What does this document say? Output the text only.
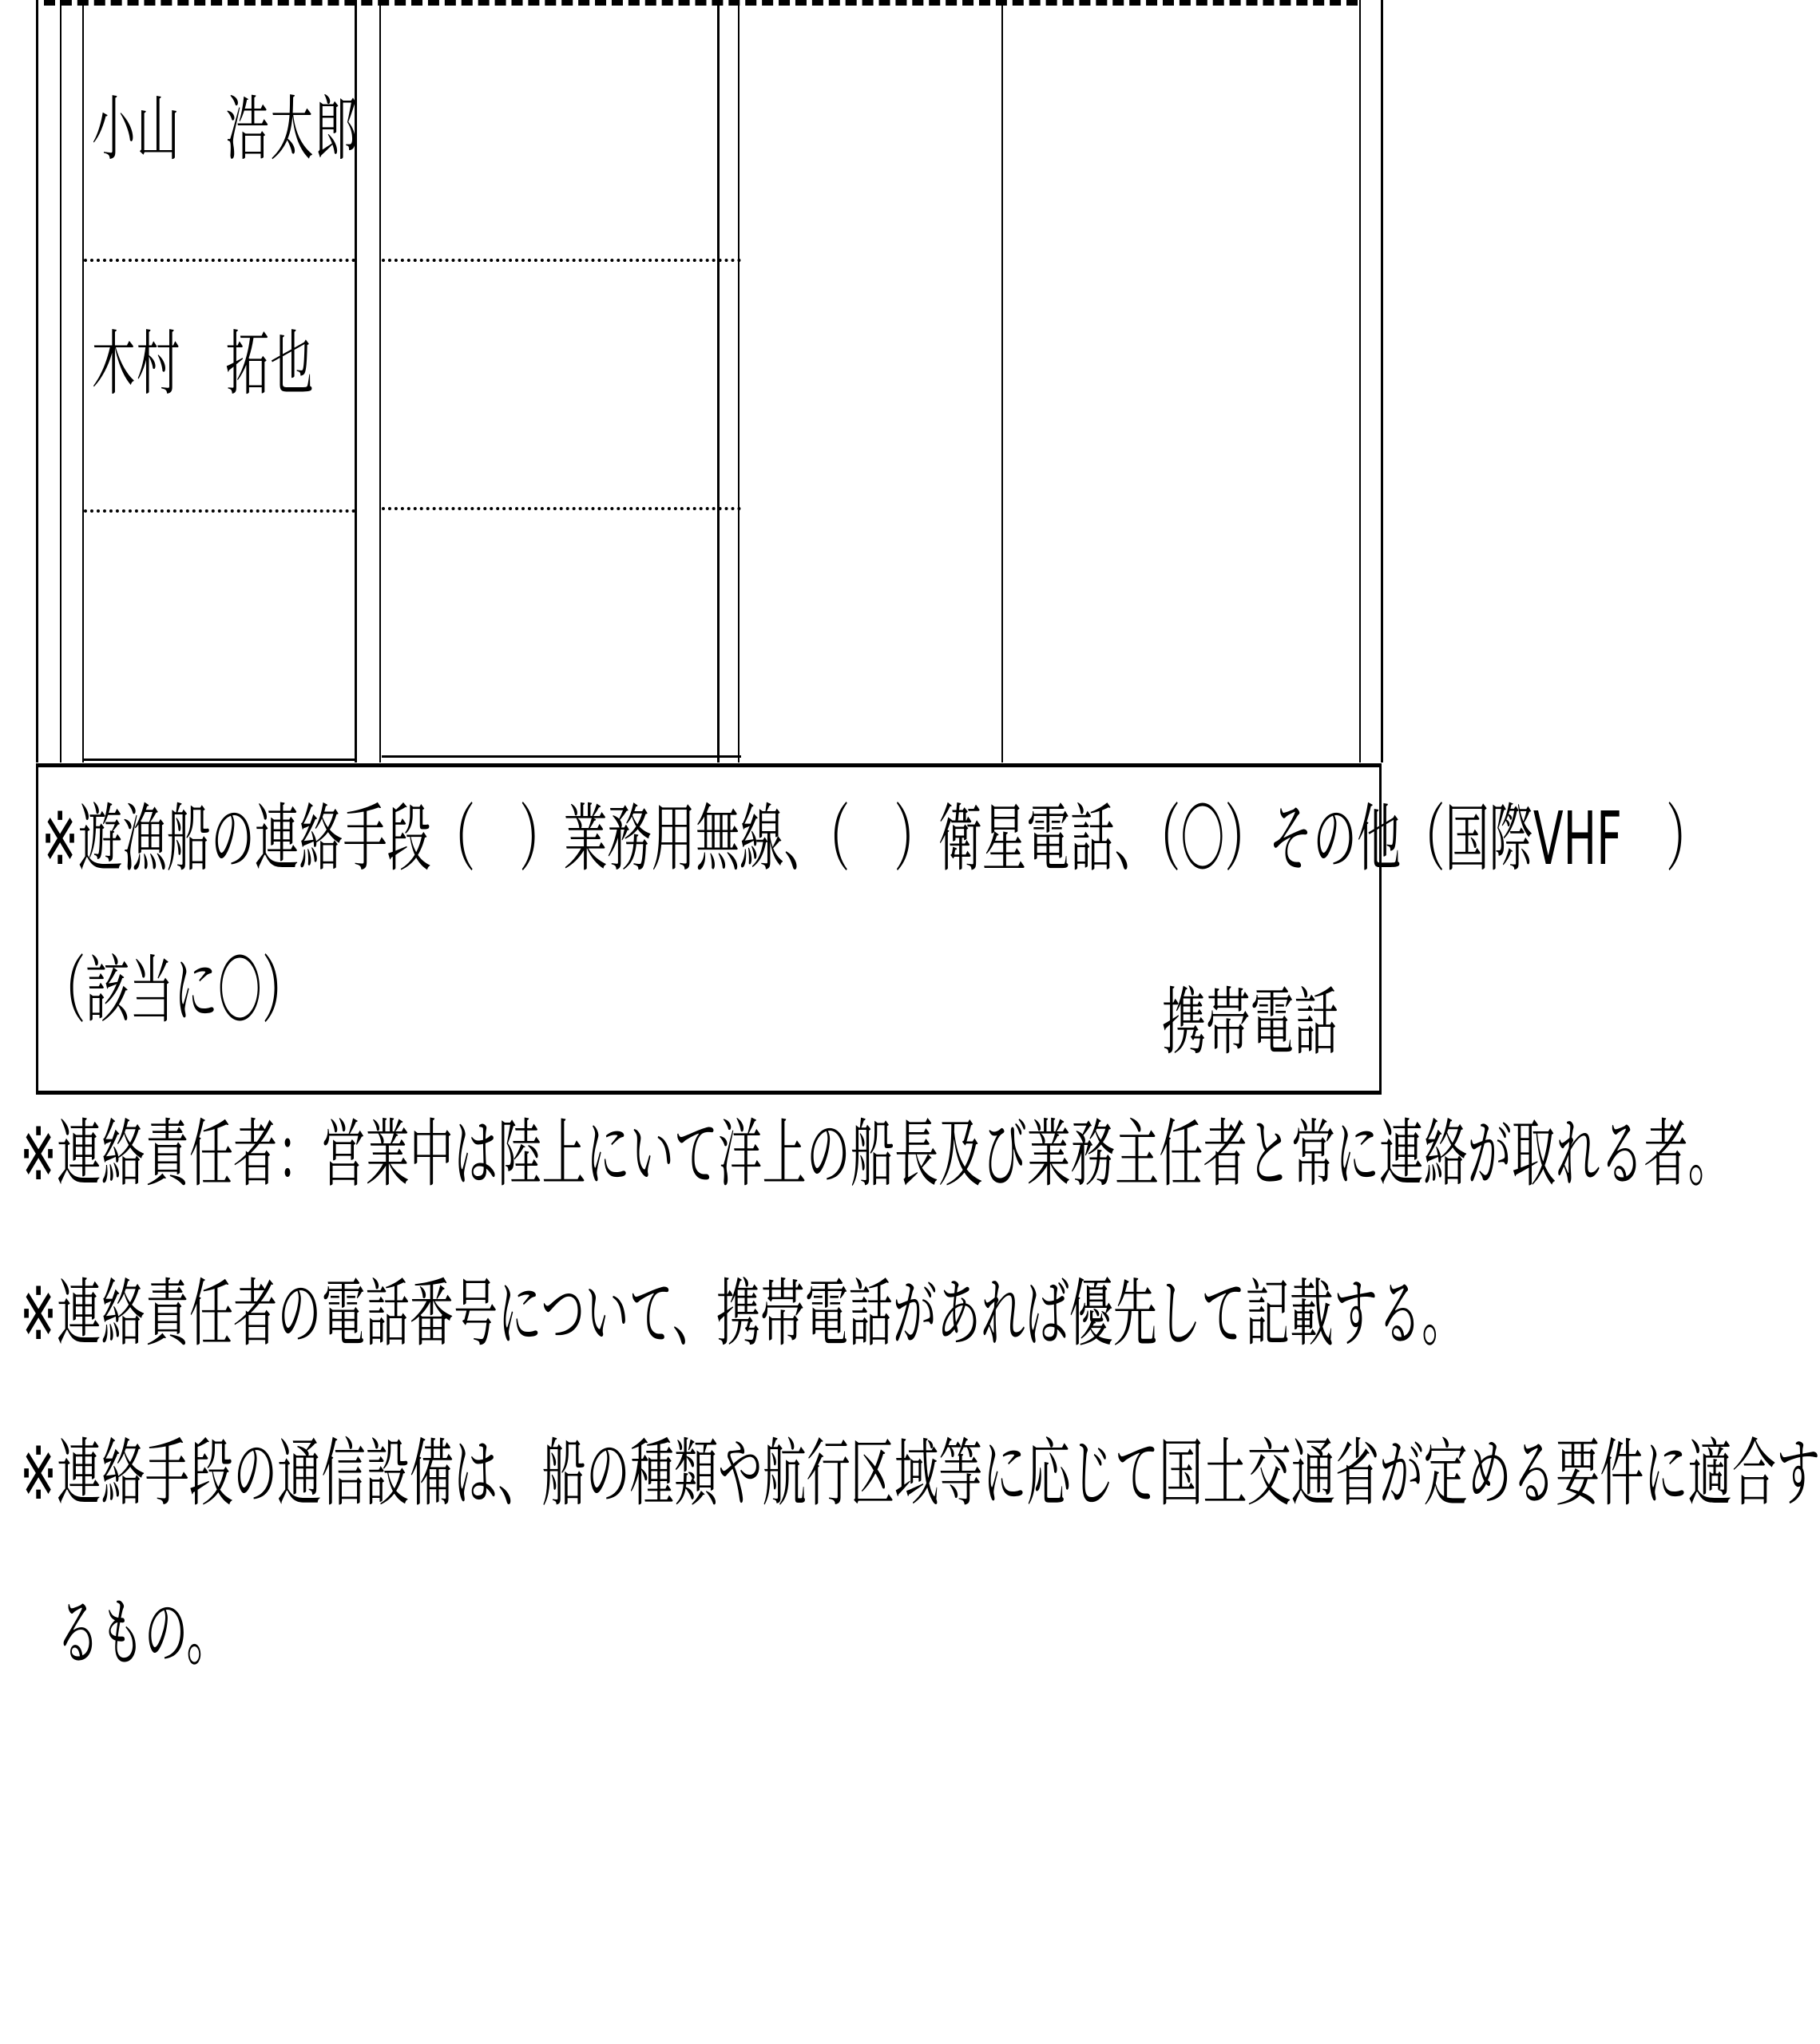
小山　浩太郎
木村　拓也
※遊漁船の連絡手段（　）業務用無線、（　）衛星電話、（〇）その他（国際VHF　）
（該当に〇）	携帯電話
※連絡責任者：営業中は陸上にいて洋上の船長及び業務主任者と常に連絡が取れる者。
※連絡責任者の電話番号について、携帯電話があれば優先して記載する。
※連絡手段の通信設備は、船の種類や航行区域等に応じて国土交通省が定める要件に適合す
るもの。
